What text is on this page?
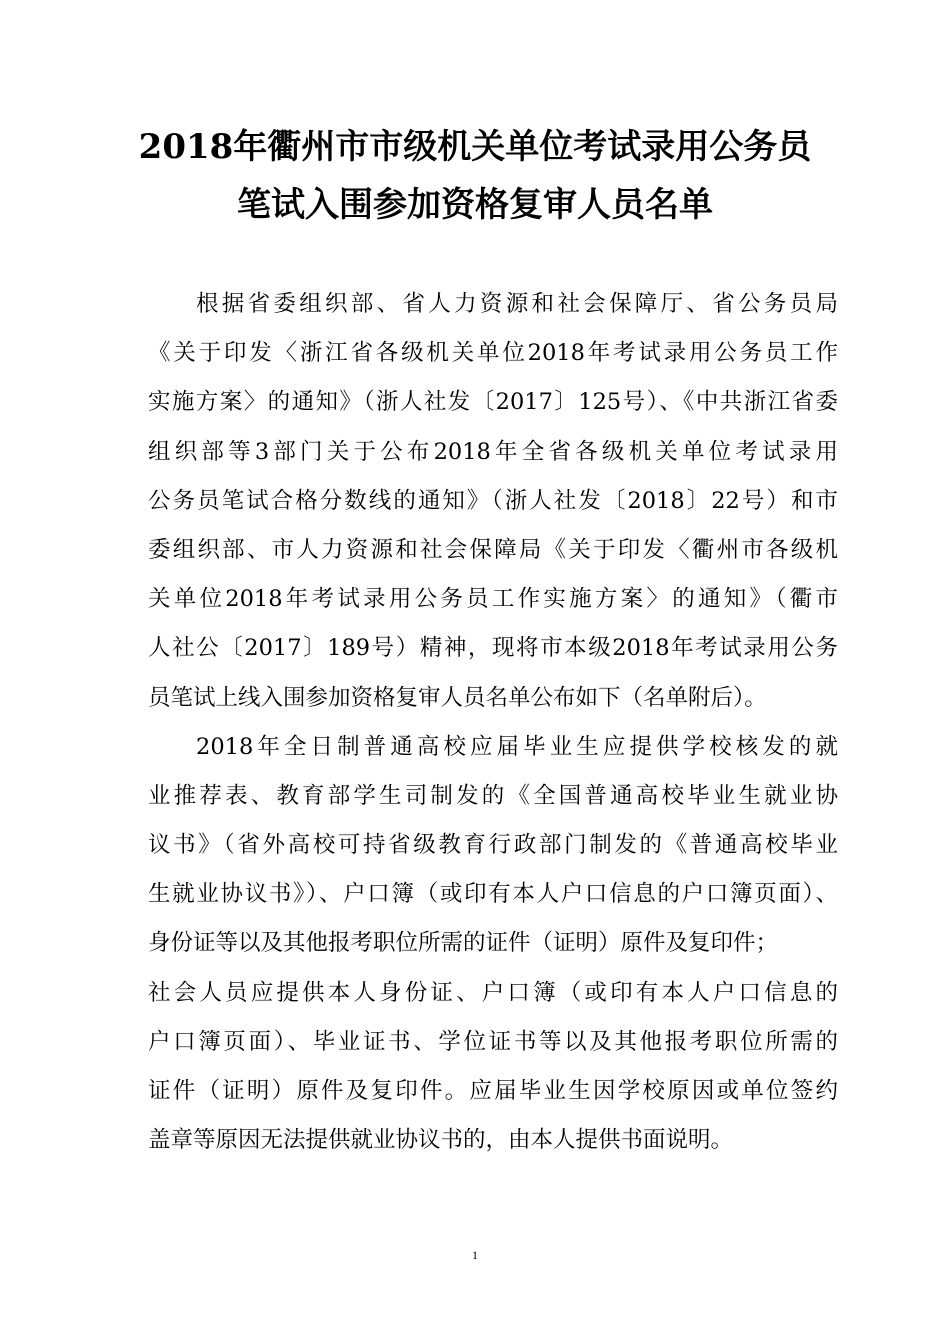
2018年衢州市市级机关单位考试录用公务员
笔试入围参加资格复审人员名单
根据省委组织部、省人力资源和社会保障厅、省公务员局
《关于印发〈浙江省各级机关单位2018年考试录用公务员工作
实施方案〉的通知》（浙人社发〔2017〕125号）、《中共浙江省委
组织部等3部门关于公布2018年全省各级机关单位考试录用
公务员笔试合格分数线的通知》（浙人社发〔2018〕22号）和市
委组织部、市人力资源和社会保障局《关于印发〈衢州市各级机
关单位2018年考试录用公务员工作实施方案〉的通知》（衢市
人社公〔2017〕189号）精神，现将市本级2018年考试录用公务
员笔试上线入围参加资格复审人员名单公布如下（名单附后）。
2018年全日制普通高校应届毕业生应提供学校核发的就
业推荐表、教育部学生司制发的《全国普通高校毕业生就业协
议书》（省外高校可持省级教育行政部门制发的《普通高校毕业
生就业协议书》）、户口簿（或印有本人户口信息的户口簿页面）、
身份证等以及其他报考职位所需的证件（证明）原件及复印件；
社会人员应提供本人身份证、户口簿（或印有本人户口信息的
户口簿页面）、毕业证书、学位证书等以及其他报考职位所需的
证件（证明）原件及复印件。应届毕业生因学校原因或单位签约
盖章等原因无法提供就业协议书的，由本人提供书面说明。
1
